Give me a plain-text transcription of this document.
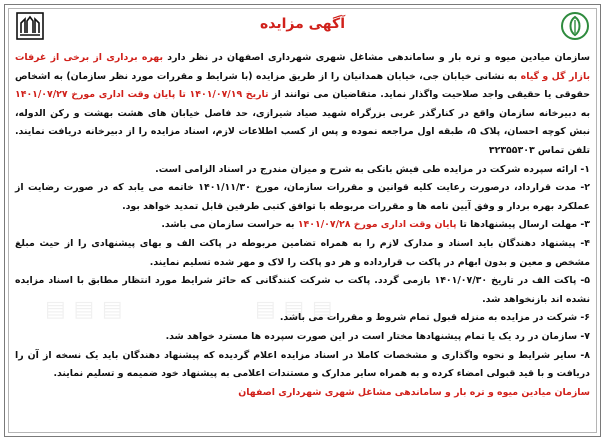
آگهی مزایده

سازمان میادین میوه و تره بار و ساماندهی مشاغل شهری شهرداری اصفهان در نظر دارد بهره برداری از برخی از غرفات بازار گل و گیاه به نشانی خیابان جی، خیابان همدانیان را از طریق مزایده (با شرایط و مقررات مورد نظر سازمان) به اشخاص حقوقی یا حقیقی واجد صلاحیت واگذار نماید. متقاضیان می توانند از تاریخ ۱۴۰۱/۰۷/۱۹ تا پایان وقت اداری مورخ ۱۴۰۱/۰۷/۲۷ به دبیرخانه سازمان واقع در کنارگذر غربی بزرگراه شهید صیاد شیرازی، حد فاصل خیابان های هشت بهشت و رکن الدوله، نبش کوچه احسان، پلاک ۵، طبقه اول مراجعه نموده و پس از کسب اطلاعات لازم، اسناد مزایده را از دبیرخانه دریافت نمایند. تلفن تماس ۳۲۳۵۵۳۰۳

۱- ارائه سپرده شرکت در مزایده طی فیش بانکی به شرح و میزان مندرج در اسناد الزامی است.

۲- مدت قرارداد، درصورت رعایت کلیه قوانین و مقررات سازمان، مورخ ۱۴۰۱/۱۱/۳۰ خاتمه می یابد که در صورت رضایت از عملکرد بهره بردار و وفق آیین نامه ها و مقررات مربوطه با توافق کتبی طرفین قابل تمدید خواهد بود.

۳- مهلت ارسال پیشنهادها تا پایان وقت اداری مورخ ۱۴۰۱/۰۷/۲۸ به حراست سازمان می باشد.

۴- پیشنهاد دهندگان باید اسناد و مدارک لازم را به همراه تضامین مربوطه در پاکت الف و بهای پیشنهادی را از حیث مبلغ مشخص و معین و بدون ابهام در پاکت ب قرارداده و هر دو پاکت را لاک و مهر شده تسلیم نمایند.

۵- پاکت الف در تاریخ ۱۴۰۱/۰۷/۳۰ بازمی گردد. پاکت ب شرکت کنندگانی که حائز شرایط مورد انتظار مطابق با اسناد مزایده نشده اند بازنخواهد شد.

۶- شرکت در مزایده به منزله قبول تمام شروط و مقررات می باشد.

۷- سازمان در رد یک یا تمام پیشنهادها مختار است در این صورت سپرده ها مسترد خواهد شد.

۸- سایر شرایط و نحوه واگذاری و مشخصات کاملا در اسناد مزایده اعلام گردیده که پیشنهاد دهندگان باید یک نسخه از آن را دریافت و با قید قبولی امضاء کرده و به همراه سایر مدارک و مستندات اعلامی به پیشنهاد خود ضمیمه و تسلیم نمایند.

سازمان میادین میوه و تره بار و ساماندهی مشاغل شهری شهرداری اصفهان

▤ ▤ ▤	▤ ▤ ▤
